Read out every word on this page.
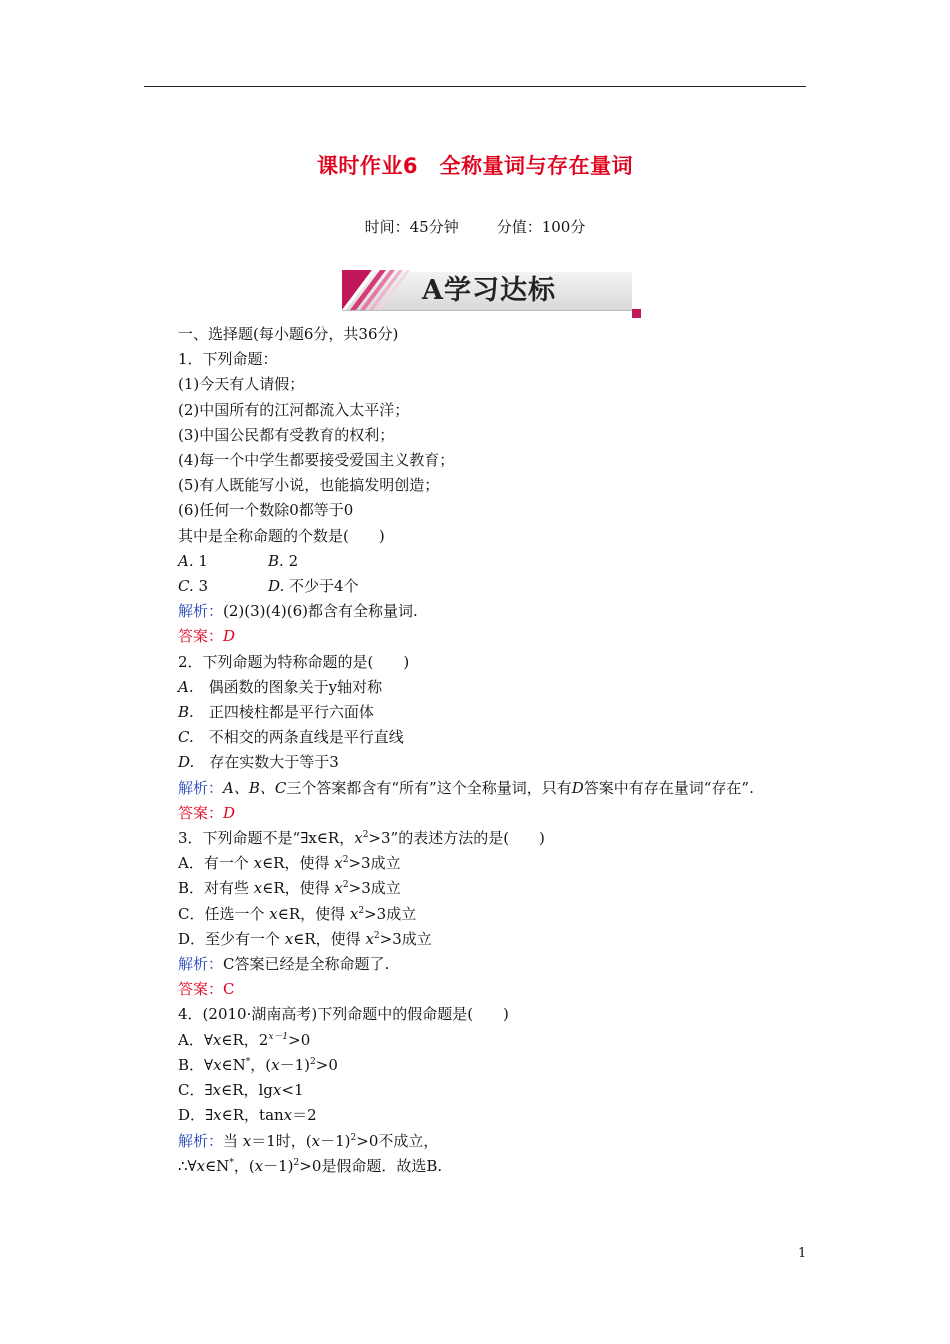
课时作业6　全称量词与存在量词
时间：45分钟	分值：100分
A学习达标
一、选择题(每小题6分，共36分)
1．下列命题：
(1)今天有人请假；
(2)中国所有的江河都流入太平洋；
(3)中国公民都有受教育的权利；
(4)每一个中学生都要接受爱国主义教育；
(5)有人既能写小说，也能搞发明创造；
(6)任何一个数除0都等于0
其中是全称命题的个数是(　　)
A. 1	B. 2
C. 3	D. 不少于4个
解析：(2)(3)(4)(6)都含有全称量词.
答案：D
2．下列命题为特称命题的是(　　)
A.　 偶函数的图象关于y轴对称
B.　 正四棱柱都是平行六面体
C.　 不相交的两条直线是平行直线
D.　 存在实数大于等于3
解析：A、B、C三个答案都含有“所有”这个全称量词，只有D答案中有存在量词“存在”.
答案：D
3．下列命题不是“∃x∈R，$x^2>3$”的表述方法的是(　　)
A．有一个 x∈R，使得 $x^2>3$成立
B．对有些 x∈R，使得 $x^2>3$成立
C．任选一个 x∈R，使得 $x^2>3$成立
D．至少有一个 x∈R，使得 $x^2>3$成立
解析：C答案已经是全称命题了.
答案：C
4．(2010·湖南高考)下列命题中的假命题是(　　)
A．∀x∈R，$2^{x-1}>0$
B．∀x∈N*，$(x-1)^2>0$
C．∃x∈R，lgx<1
D．∃x∈R，tanx＝2
解析：当 x＝1时，$(x-1)^2>0$不成立，
∴∀x∈N*，$(x-1)^2>0$是假命题．故选B.
1
